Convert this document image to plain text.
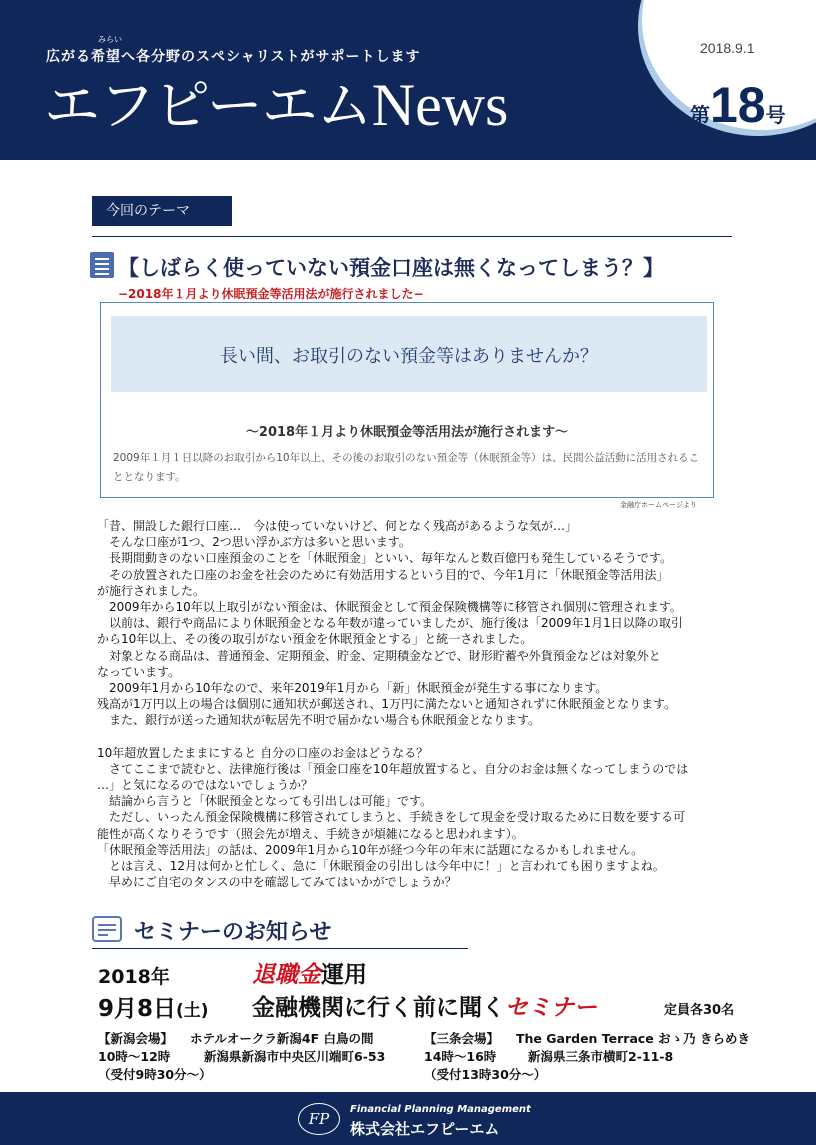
みらい
広がる希望へ各分野のスペシャリストがサポートします
エフピーエムNews
2018.9.1
第18号
今回のテーマ
【しばらく使っていない預金口座は無くなってしまう？】
−2018年１月より休眠預金等活用法が施行されました−
長い間、お取引のない預金等はありませんか？
～2018年１月より休眠預金等活用法が施行されます～
2009年１月１日以降のお取引から10年以上、その後のお取引のない預金等（休眠預金等）は、民間公益活動に活用されることとなります。
金融庁ホームページより
「昔、開設した銀行口座…　今は使っていないけど、何となく残高があるような気が…」
　そんな口座が1つ、2つ思い浮かぶ方は多いと思います。
　長期間動きのない口座預金のことを「休眠預金」といい、毎年なんと数百億円も発生しているそうです。
　その放置された口座のお金を社会のために有効活用するという目的で、今年1月に「休眠預金等活用法」
が施行されました。
　2009年から10年以上取引がない預金は、休眠預金として預金保険機構等に移管され個別に管理されます。
　以前は、銀行や商品により休眠預金となる年数が違っていましたが、施行後は「2009年1月1日以降の取引
から10年以上、その後の取引がない預金を休眠預金とする」と統一されました。
　対象となる商品は、普通預金、定期預金、貯金、定期積金などで、財形貯蓄や外貨預金などは対象外と
なっています。
　2009年1月から10年なので、来年2019年1月から「新」休眠預金が発生する事になります。
残高が1万円以上の場合は個別に通知状が郵送され、1万円に満たないと通知されずに休眠預金となります。
　また、銀行が送った通知状が転居先不明で届かない場合も休眠預金となります。
10年超放置したままにすると 自分の口座のお金はどうなる？
　さてここまで読むと、法律施行後は「預金口座を10年超放置すると、自分のお金は無くなってしまうのでは
…」と気になるのではないでしょうか？
　結論から言うと「休眠預金となっても引出しは可能」です。
　ただし、いったん預金保険機構に移管されてしまうと、手続きをして現金を受け取るために日数を要する可
能性が高くなりそうです（照会先が増え、手続きが煩雑になると思われます）。
「休眠預金等活用法」の話は、2009年1月から10年が経つ今年の年末に話題になるかもしれません。
　とは言え、12月は何かと忙しく、急に「休眠預金の引出しは今年中に！」と言われても困りますよね。
　早めにご自宅のタンスの中を確認してみてはいかがでしょうか？
セミナーのお知らせ
2018年	退職金運用
9月8日(土) 金融機関に行く前に聞くセミナー	定員各30名
【新潟会場】 ホテルオークラ新潟4F 白鳥の間
10時～12時	新潟県新潟市中央区川端町6-53
（受付9時30分～）
【三条会場】 The Garden Terrace おゝ乃 きらめき
14時～16時	新潟県三条市横町2-11-8
（受付13時30分～）
FP
Financial Planning Management
株式会社エフピーエム
